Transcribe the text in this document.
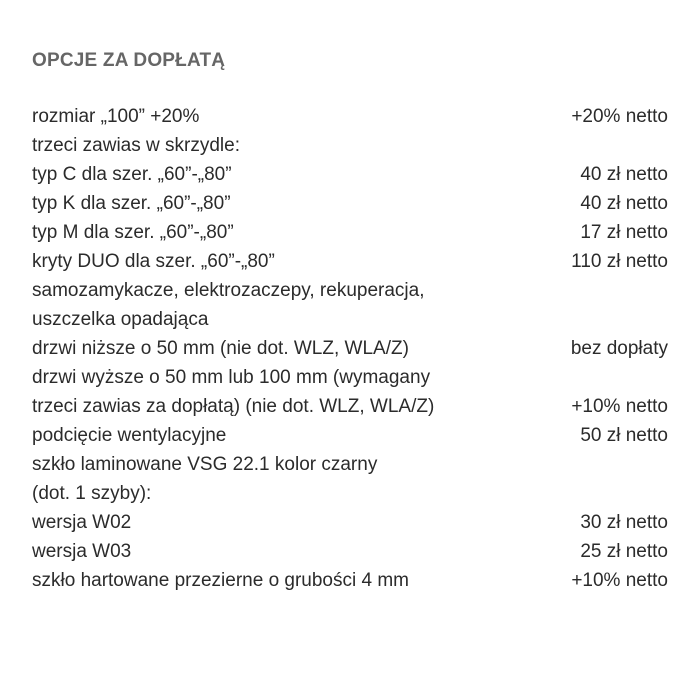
OPCJE ZA DOPŁATĄ
rozmiar „100” +20%	+20% netto
trzeci zawias w skrzydle:
typ C dla szer. „60”-„80”	40 zł netto
typ K dla szer. „60”-„80”	40 zł netto
typ M dla szer. „60”-„80”	17 zł netto
kryty DUO dla szer. „60”-„80”	110 zł netto
samozamykacze, elektrozaczepy, rekuperacja,
uszczelka opadająca
drzwi niższe o 50 mm (nie dot. WLZ, WLA/Z)	bez dopłaty
drzwi wyższe o 50 mm lub 100 mm (wymagany
trzeci zawias za dopłatą) (nie dot. WLZ, WLA/Z)	+10% netto
podcięcie wentylacyjne	50 zł netto
szkło laminowane VSG 22.1 kolor czarny
(dot. 1 szyby):
wersja W02	30 zł netto
wersja W03	25 zł netto
szkło hartowane przezierne o grubości 4 mm	+10% netto
